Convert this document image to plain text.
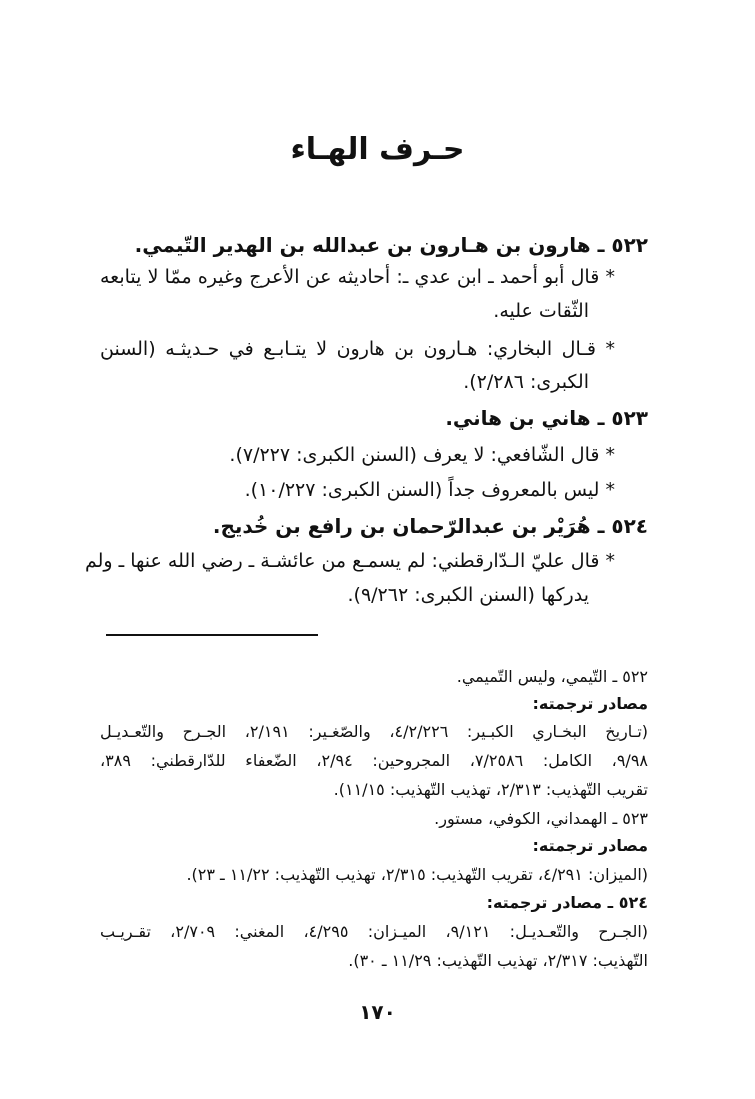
حـرف الهـاء
٥٢٢ ـ هارون بن هـارون بن عبدالله بن الهدير التّيمي.
* قال أبو أحمد ـ ابن عدي ـ: أحاديثه عن الأعرج وغيره ممّا لا يتابعه
الثّقات عليه.
* قـال البخاري: هـارون بن هارون لا يتـابـع في حـديثـه (السنن
الكبرى: ٢/٢٨٦).
٥٢٣ ـ هاني بن هاني.
* قال الشّافعي: لا يعرف (السنن الكبرى: ٧/٢٢٧).
* ليس بالمعروف جداً (السنن الكبرى: ١٠/٢٢٧).
٥٢٤ ـ هُرَيْر بن عبدالرّحمان بن رافع بن خُديج.
* قال عليّ الـدّارقطني: لم يسمـع من عائشـة ـ رضي الله عنها ـ ولم
يدركها (السنن الكبرى: ٩/٢٦٢).
٥٢٢ ـ التّيمي، وليس التّميمي.
مصادر ترجمته:
(تـاريخ البخـاري الكبـير: ٤/٢/٢٢٦، والصّغـير: ٢/١٩١، الجـرح والتّعـديـل
٩/٩٨، الكامل: ٧/٢٥٨٦، المجروحين: ٢/٩٤، الضّعفاء للدّارقطني: ٣٨٩،
تقريب التّهذيب: ٢/٣١٣، تهذيب التّهذيب: ١١/١٥).
٥٢٣ ـ الهمداني، الكوفي، مستور.
مصادر ترجمته:
(الميزان: ٤/٢٩١، تقريب التّهذيب: ٢/٣١٥، تهذيب التّهذيب: ١١/٢٢ ـ ٢٣).
٥٢٤ ـ مصادر ترجمته:
(الجـرح والتّعـديـل: ٩/١٢١، الميـزان: ٤/٢٩٥، المغني: ٢/٧٠٩، تقـريـب
التّهذيب: ٢/٣١٧، تهذيب التّهذيب: ١١/٢٩ ـ ٣٠).
١٧٠
